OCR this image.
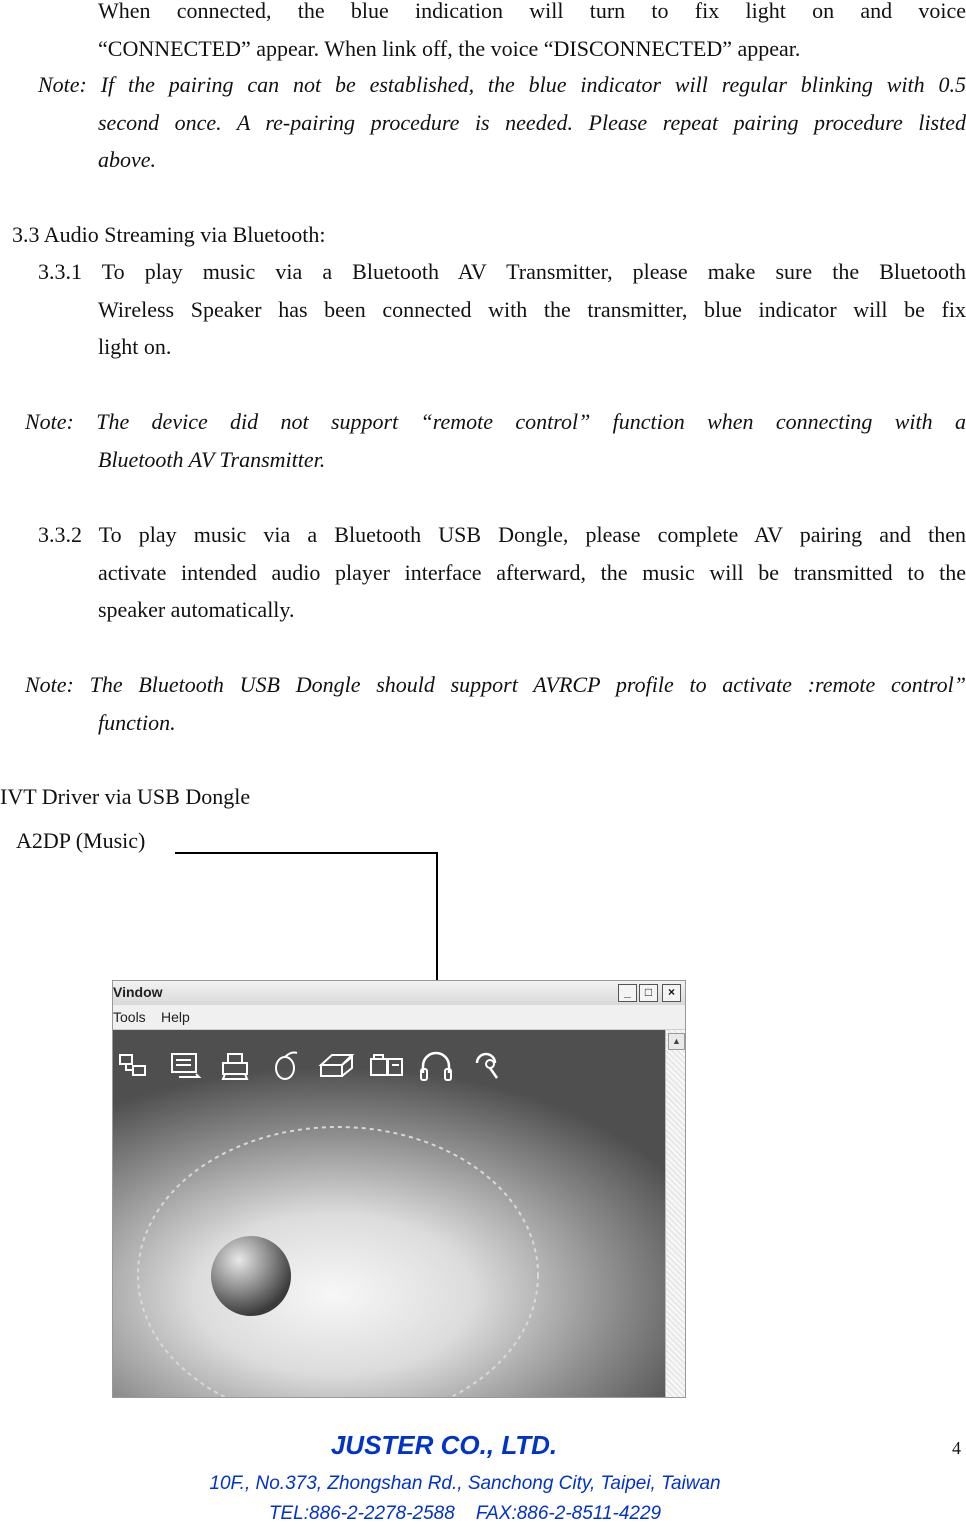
When connected, the blue indication will turn to fix light on and voice
“CONNECTED” appear. When link off, the voice “DISCONNECTED” appear.
Note: If the pairing can not be established, the blue indicator will regular blinking with 0.5
second once. A re-pairing procedure is needed. Please repeat pairing procedure listed
above.
3.3 Audio Streaming via Bluetooth:
3.3.1 To play music via a Bluetooth AV Transmitter, please make sure the Bluetooth
Wireless Speaker has been connected with the transmitter, blue indicator will be fix
light on.
Note: The device did not support “remote control” function when connecting with a
Bluetooth AV Transmitter.
3.3.2 To play music via a Bluetooth USB Dongle, please complete AV pairing and then
activate intended audio player interface afterward, the music will be transmitted to the
speaker automatically.
Note: The Bluetooth USB Dongle should support AVRCP profile to activate :remote control”
function.
IVT Driver via USB Dongle
A2DP (Music)
Vindow	_	□	×
Tools Help
▲
JUSTER CO., LTD.
10F., No.373, Zhongshan Rd., Sanchong City, Taipei, Taiwan
TEL:886-2-2278-2588    FAX:886-2-8511-4229
4
